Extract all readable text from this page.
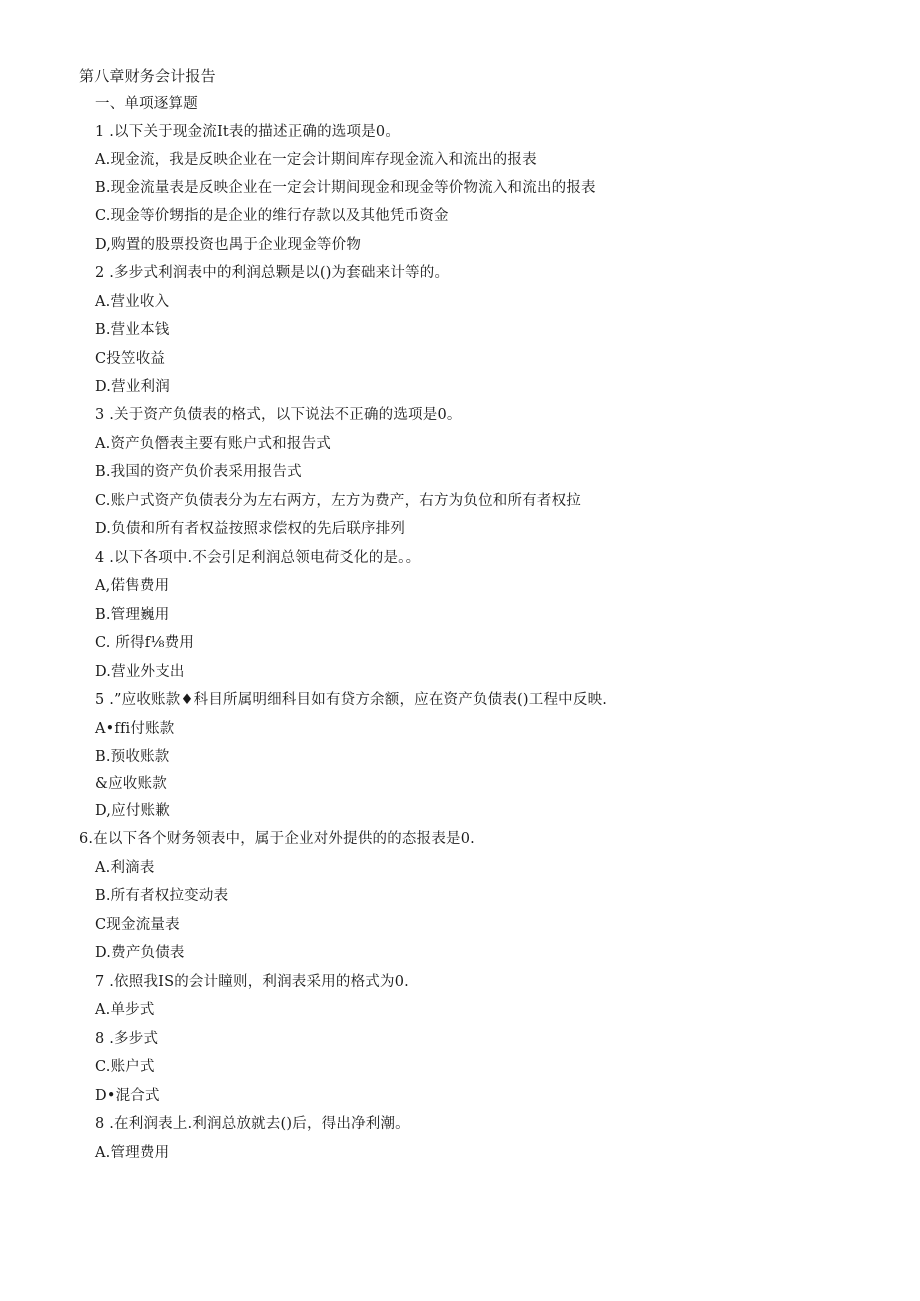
第八章财务会计报告
一、单项逐算题
1 .以下关于现金流It表的描述正确的选项是0。
A.现金流，我是反映企业在一定会计期间库存现金流入和流出的报表
B.现金流量表是反映企业在一定会计期间现金和现金等价物流入和流出的报表
C.现金等价甥指的是企业的维行存款以及其他凭币资金
D,购置的股票投资也禺于企业现金等价物
2 .多步式利润表中的利润总颗是以()为套础来计等的。
A.营业收入
B.营业本钱
C投笠收益
D.营业利润
3 .关于资产负债表的格式，以下说法不正确的选项是0。
A.资产负僭表主要有账户式和报告式
B.我国的资产负价表采用报告式
C.账户式资产负债表分为左右两方，左方为费产，右方为负位和所有者权拉
D.负债和所有者权益按照求偿权的先后联序排列
4 .以下各项中.不会引足利润总领电荷爻化的是。。
A,偌售费用
B.管理巍用
C. 所得f⅛费用
D.营业外支出
5 .”应收账款♦科目所属明细科目如有贷方余额，应在资产负债表()工程中反映.
A•ffi付账款
B.预收账款
&应收账款
D,应付账歉
6.在以下各个财务领表中，属于企业对外提供的的态报表是0.
A.利滴表
B.所有者权拉变动表
C现金流量表
D.费产负债表
7 .依照我IS的会计瞳则，利润表采用的格式为0.
A.单步式
8 .多步式
C.账户式
D•混合式
8 .在利润表上.利润总放就去()后，得出净利潮。
A.管理费用
